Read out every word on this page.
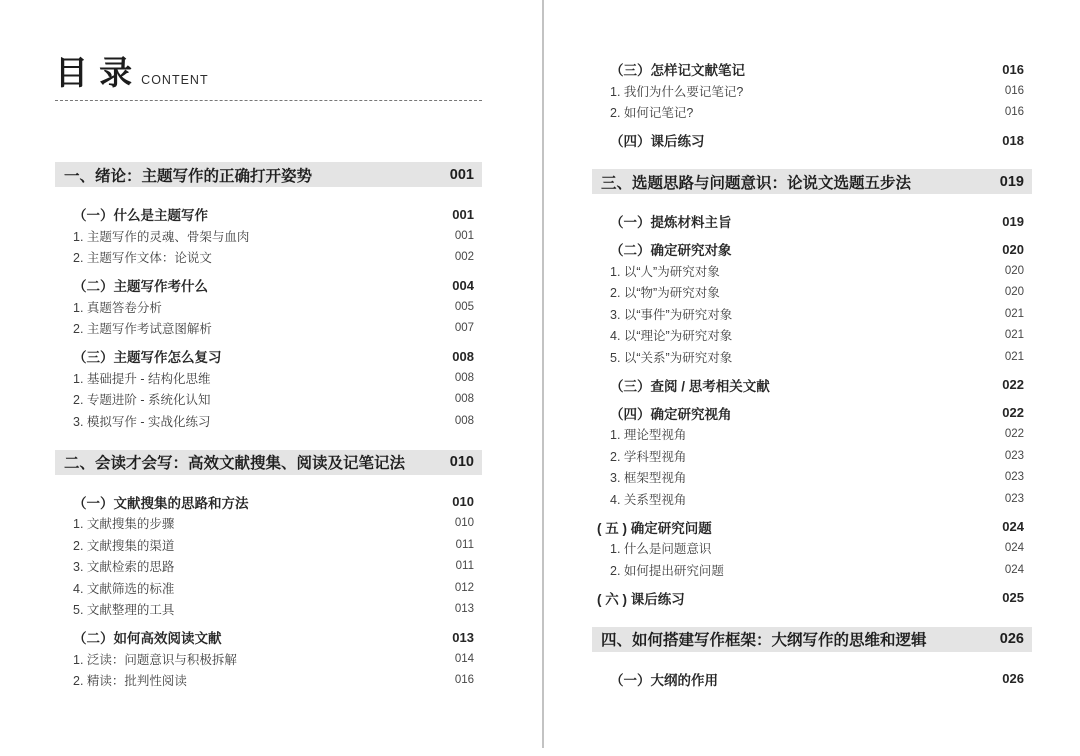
目 录 CONTENT
一、绪论：主题写作的正确打开姿势	001
（一）什么是主题写作	001
1. 主题写作的灵魂、骨架与血肉	001
2. 主题写作文体：论说文	002
（二）主题写作考什么	004
1. 真题答卷分析	005
2. 主题写作考试意图解析	007
（三）主题写作怎么复习	008
1. 基础提升 - 结构化思维	008
2. 专题进阶 - 系统化认知	008
3. 模拟写作 - 实战化练习	008
二、会读才会写：高效文献搜集、阅读及记笔记法	010
（一）文献搜集的思路和方法	010
1. 文献搜集的步骤	010
2. 文献搜集的渠道	011
3. 文献检索的思路	011
4. 文献筛选的标准	012
5. 文献整理的工具	013
（二）如何高效阅读文献	013
1. 泛读：问题意识与积极拆解	014
2. 精读：批判性阅读	016
（三）怎样记文献笔记	016
1. 我们为什么要记笔记?	016
2. 如何记笔记?	016
（四）课后练习	018
三、选题思路与问题意识：论说文选题五步法	019
（一）提炼材料主旨	019
（二）确定研究对象	020
1. 以“人”为研究对象	020
2. 以“物”为研究对象	020
3. 以“事件”为研究对象	021
4. 以“理论”为研究对象	021
5. 以“关系”为研究对象	021
（三）查阅 / 思考相关文献	022
（四）确定研究视角	022
1. 理论型视角	022
2. 学科型视角	023
3. 框架型视角	023
4. 关系型视角	023
( 五 ) 确定研究问题	024
1. 什么是问题意识	024
2. 如何提出研究问题	024
( 六 ) 课后练习	025
四、如何搭建写作框架：大纲写作的思维和逻辑	026
（一）大纲的作用	026
